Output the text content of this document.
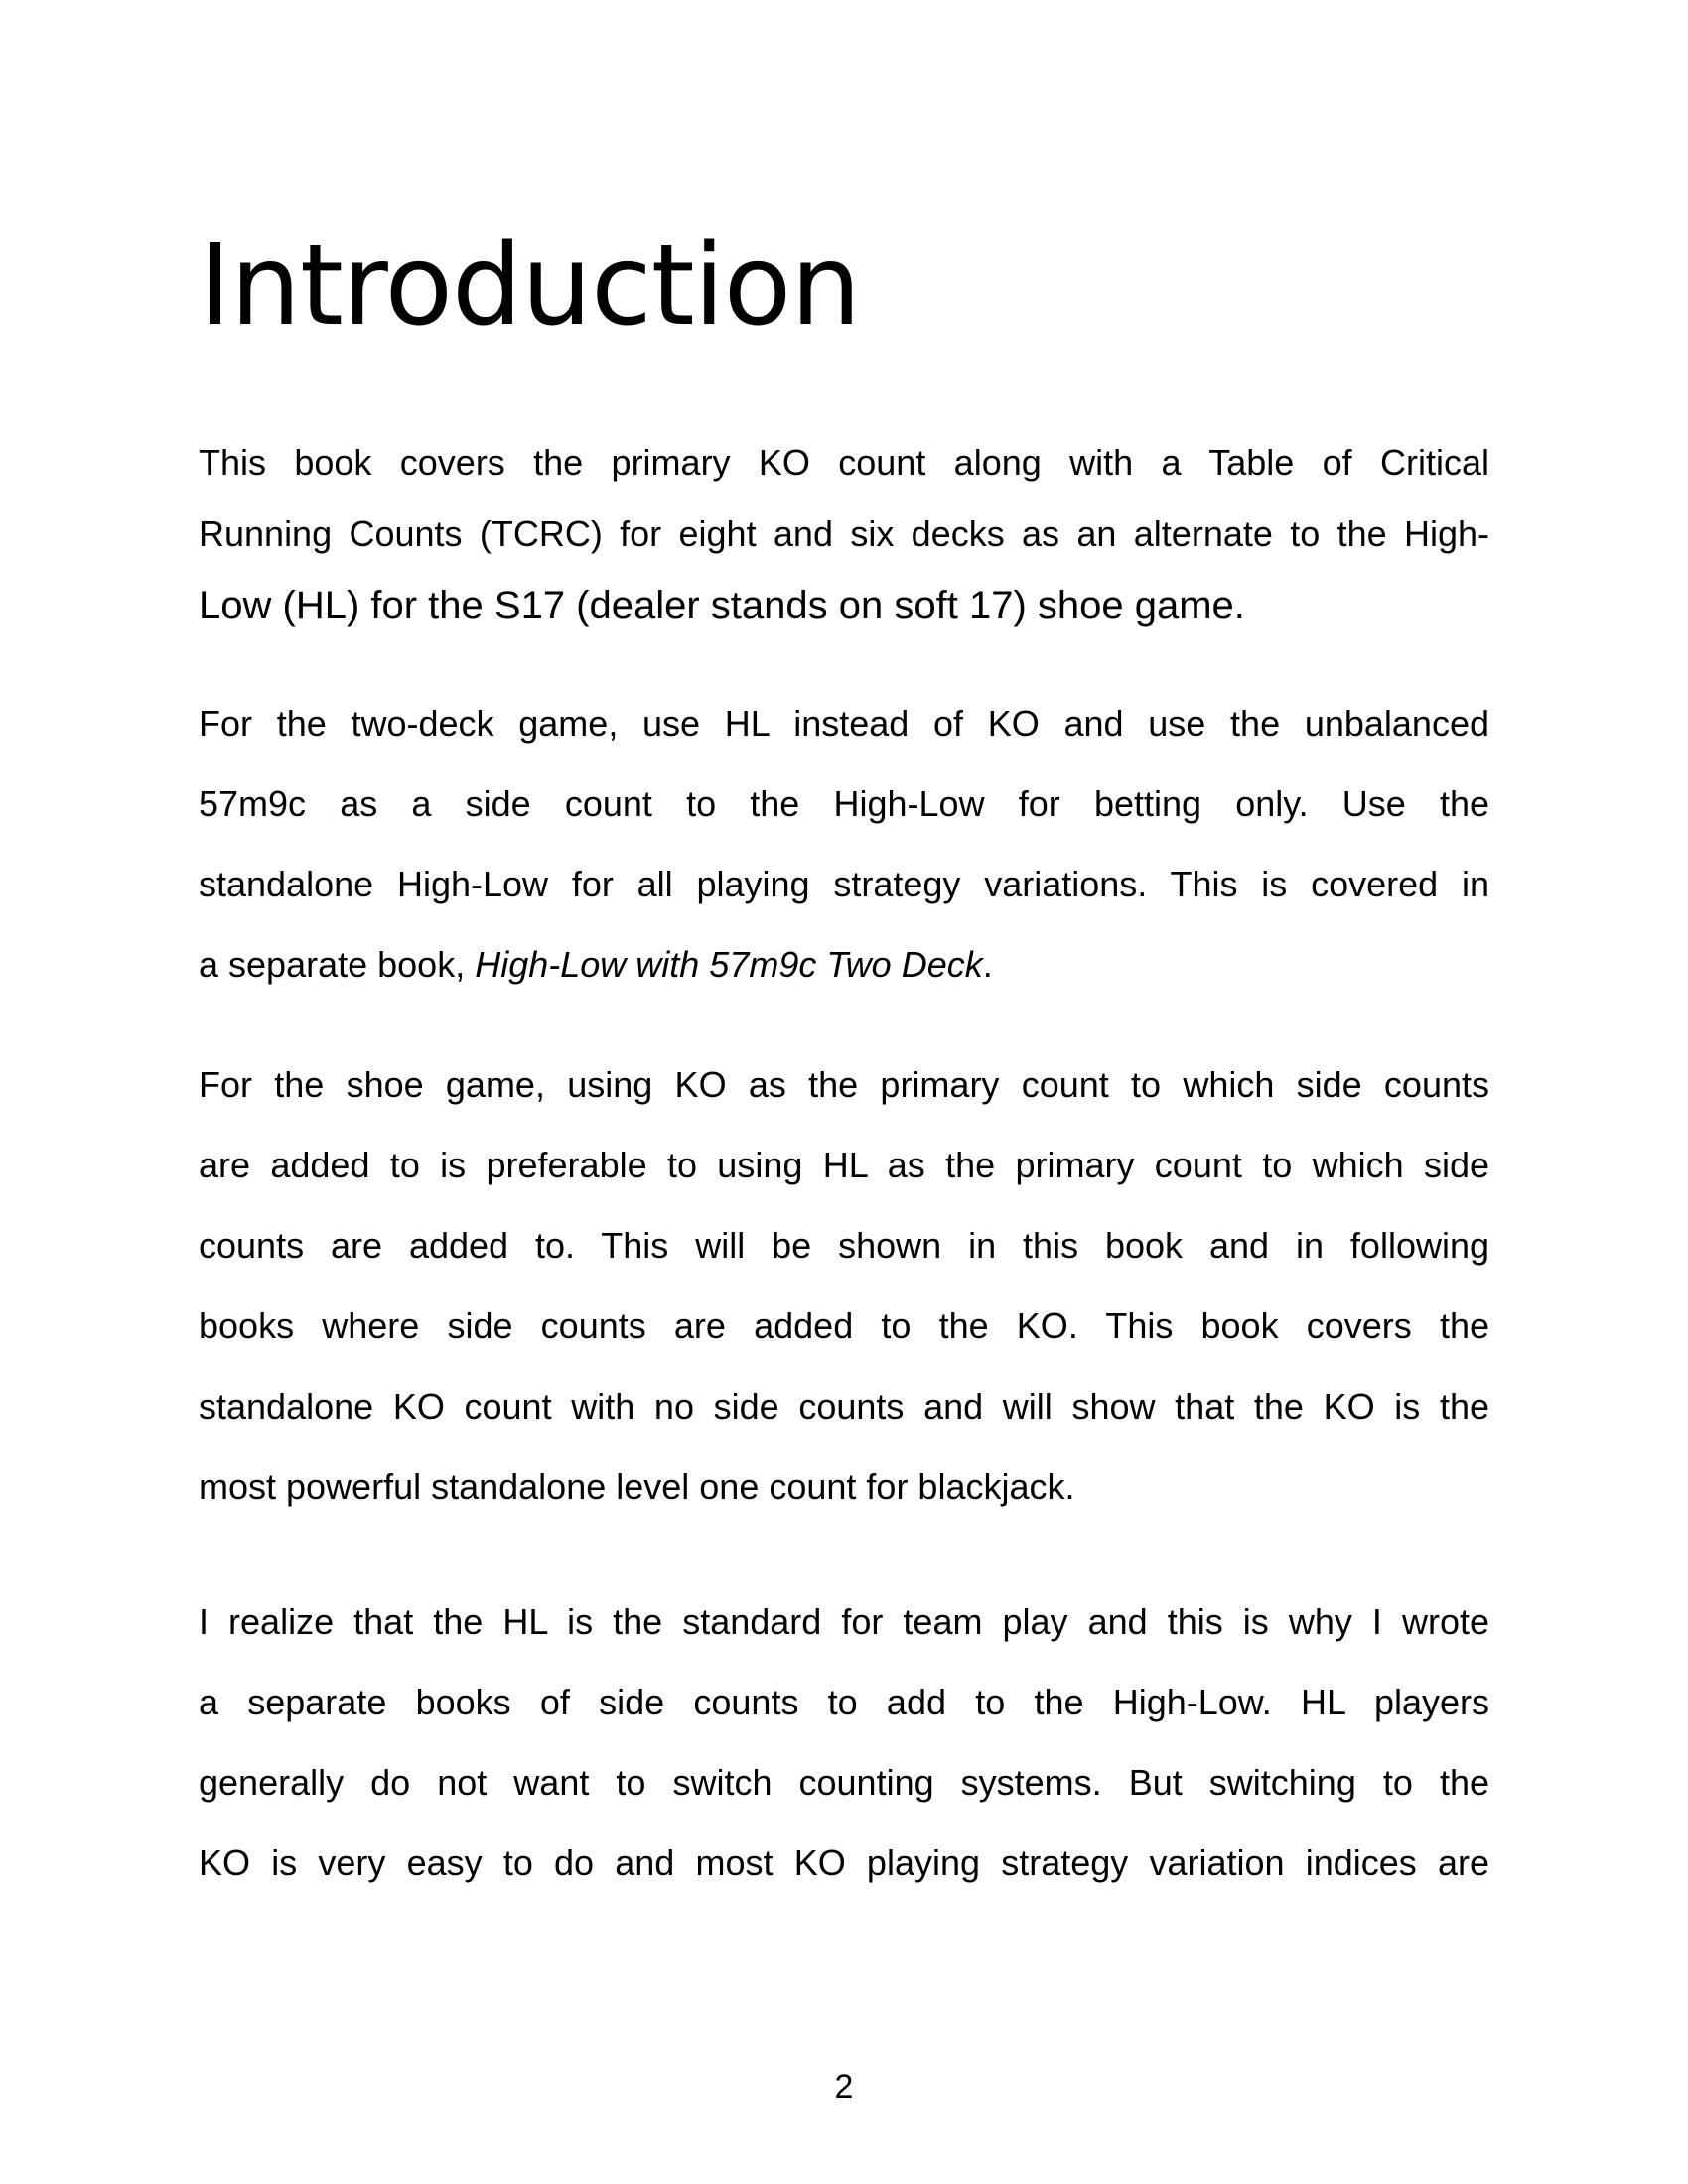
Introduction
This book covers the primary KO count along with a Table of Critical
Running Counts (TCRC) for eight and six decks as an alternate to the High-
Low (HL) for the S17 (dealer stands on soft 17) shoe game.
For the two-deck game, use HL instead of KO and use the unbalanced
57m9c as a side count to the High-Low for betting only. Use the
standalone High-Low for all playing strategy variations. This is covered in
a separate book, High-Low with 57m9c Two Deck.
For the shoe game, using KO as the primary count to which side counts
are added to is preferable to using HL as the primary count to which side
counts are added to. This will be shown in this book and in following
books where side counts are added to the KO. This book covers the
standalone KO count with no side counts and will show that the KO is the
most powerful standalone level one count for blackjack.
I realize that the HL is the standard for team play and this is why I wrote
a separate books of side counts to add to the High-Low. HL players
generally do not want to switch counting systems. But switching to the
KO is very easy to do and most KO playing strategy variation indices are
2
